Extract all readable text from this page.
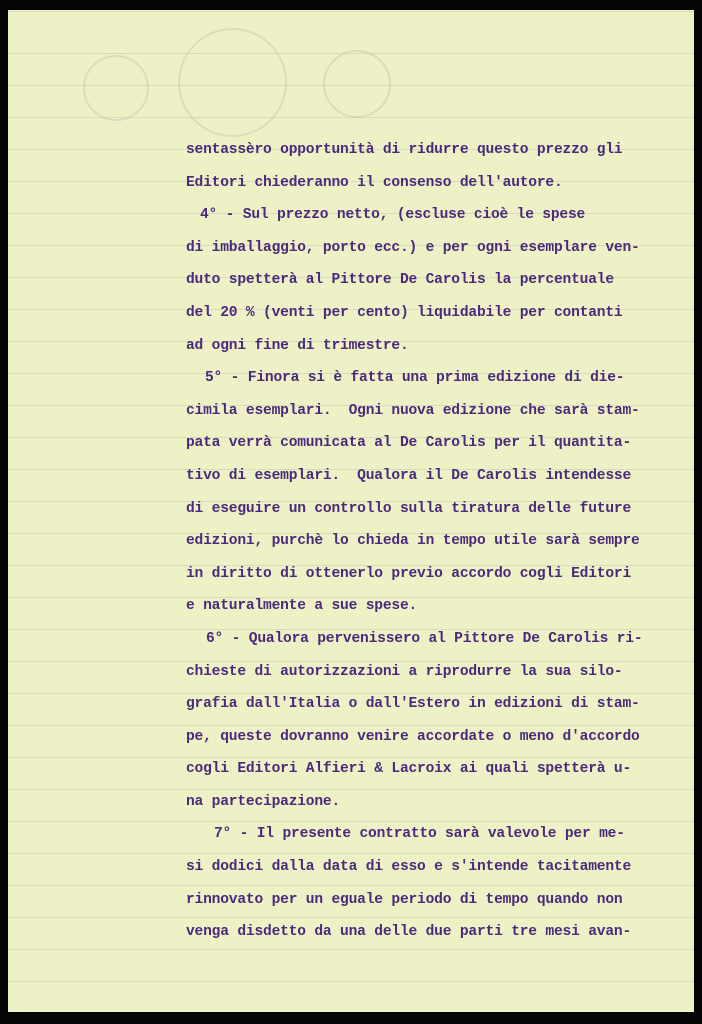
sentassèro opportunità di ridurre questo prezzo gli
Editori chiederanno il consenso dell'autore.
4° - Sul prezzo netto, (escluse cioè le spese
di imballaggio, porto ecc.) e per ogni esemplare ven-
duto spetterà al Pittore De Carolis la percentuale
del 20 % (venti per cento) liquidabile per contanti
ad ogni fine di trimestre.
5° - Finora si è fatta una prima edizione di die-
cimila esemplari.  Ogni nuova edizione che sarà stam-
pata verrà comunicata al De Carolis per il quantita-
tivo di esemplari.  Qualora il De Carolis intendesse
di eseguire un controllo sulla tiratura delle future
edizioni, purchè lo chieda in tempo utile sarà sempre
in diritto di ottenerlo previo accordo cogli Editori
e naturalmente a sue spese.
6° - Qualora pervenissero al Pittore De Carolis ri-
chieste di autorizzazioni a riprodurre la sua silo-
grafia dall'Italia o dall'Estero in edizioni di stam-
pe, queste dovranno venire accordate o meno d'accordo
cogli Editori Alfieri & Lacroix ai quali spetterà u-
na partecipazione.
7° - Il presente contratto sarà valevole per me-
si dodici dalla data di esso e s'intende tacitamente
rinnovato per un eguale periodo di tempo quando non
venga disdetto da una delle due parti tre mesi avan-
